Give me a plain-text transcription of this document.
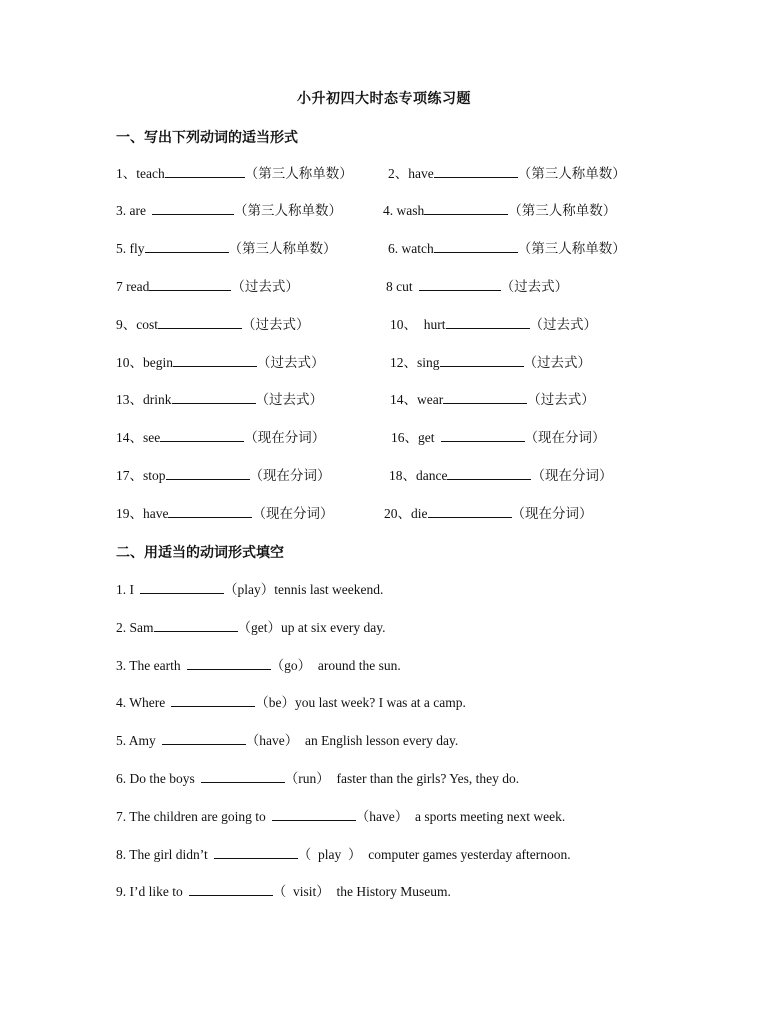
小升初四大时态专项练习题
一、写出下列动词的适当形式
1、teach	（第三人称单数）	2、have	（第三人称单数）
3. are	（第三人称单数）	4. wash	（第三人称单数）
5. fly	（第三人称单数）	6. watch	（第三人称单数）
7 read	（过去式）	8 cut	（过去式）
9、cost	（过去式）	10、  hurt	（过去式）
10、begin	（过去式）	12、sing	（过去式）
13、drink	（过去式）	14、wear	（过去式）
14、see	（现在分词）	16、get	（现在分词）
17、stop	（现在分词）	18、dance	（现在分词）
19、have	（现在分词）	20、die	（现在分词）
二、用适当的动词形式填空
1. I	（play）tennis last weekend.
2. Sam	（get）up at six every day.
3. The earth	（go）  around the sun.
4. Where	（be）you last week? I was at a camp.
5. Amy	（have）  an English lesson every day.
6. Do the boys	（run）  faster than the girls? Yes, they do.
7. The children are going to	（have）  a sports meeting next week.
8. The girl didn’t	（  play  ）  computer games yesterday afternoon.
9. I’d like to	（  visit）  the History Museum.
